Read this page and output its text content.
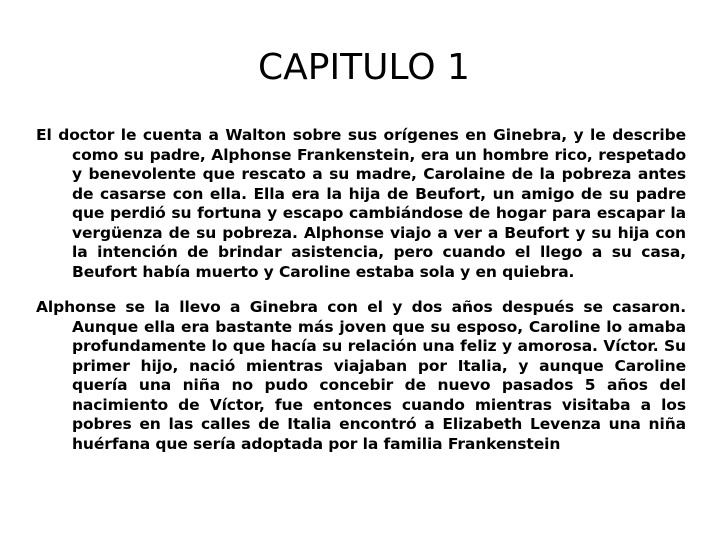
CAPITULO 1

El doctor le cuenta a Walton sobre sus orígenes en Ginebra, y le describe como su padre, Alphonse Frankenstein, era un hombre rico, respetado y benevolente que rescato a su madre, Carolaine de la pobreza antes de casarse con ella. Ella era la hija de Beufort, un amigo de su padre que perdió su fortuna y escapo cambiándose de hogar para escapar la vergüenza de su pobreza. Alphonse viajo a ver a Beufort y su hija con la intención de brindar asistencia, pero cuando el llego a su casa, Beufort había muerto y Caroline estaba sola y en quiebra.

Alphonse se la llevo a Ginebra con el y dos años después se casaron. Aunque ella era bastante más joven que su esposo, Caroline lo amaba profundamente lo que hacía su relación una feliz y amorosa. Víctor. Su primer hijo, nació mientras viajaban por Italia, y aunque Caroline quería una niña no pudo concebir de nuevo pasados 5 años del nacimiento de Víctor, fue entonces cuando mientras visitaba a los pobres en las calles de Italia encontró a Elizabeth Levenza una niña huérfana que sería adoptada por la familia Frankenstein
